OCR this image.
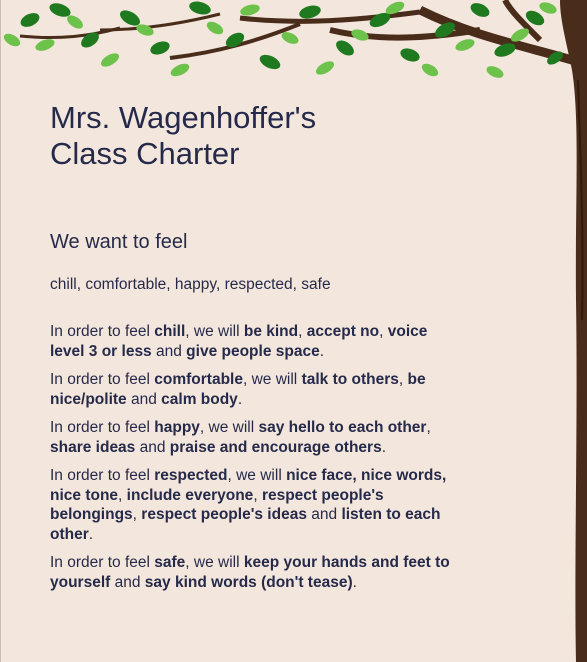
Mrs. Wagenhoffer's
Class Charter
We want to feel

chill, comfortable, happy, respected, safe

In order to feel chill, we will be kind, accept no, voice level 3 or less and give people space.

In order to feel comfortable, we will talk to others, be nice/polite and calm body.

In order to feel happy, we will say hello to each other, share ideas and praise and encourage others.

In order to feel respected, we will nice face, nice words, nice tone, include everyone, respect people's belongings, respect people's ideas and listen to each other.

In order to feel safe, we will keep your hands and feet to yourself and say kind words (don't tease).
